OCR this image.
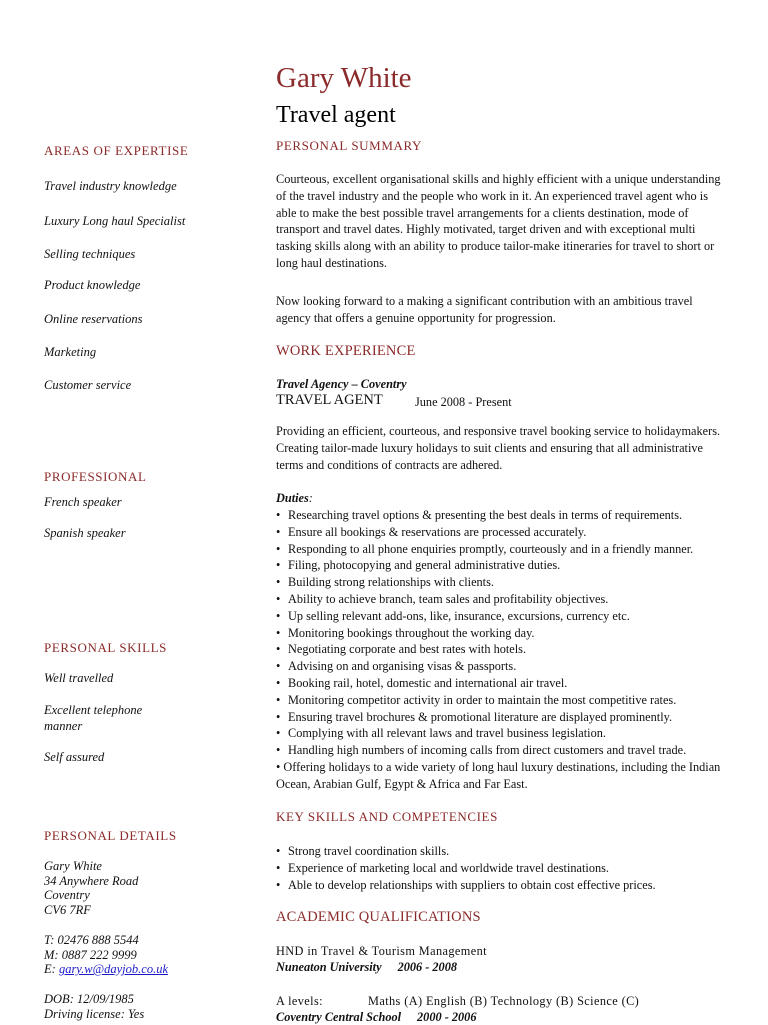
Gary White
Travel agent
AREAS OF EXPERTISE
Travel industry knowledge
Luxury Long haul Specialist
Selling techniques
Product knowledge
Online reservations
Marketing
Customer service
PROFESSIONAL
French speaker
Spanish speaker
PERSONAL SKILLS
Well travelled
Excellent telephone
manner
Self assured
PERSONAL DETAILS
Gary White
34 Anywhere Road
Coventry
CV6 7RF
T: 02476 888 5544
M: 0887 222 9999
E: gary.w@dayjob.co.uk
DOB: 12/09/1985
Driving license: Yes
PERSONAL SUMMARY
Courteous, excellent organisational skills and highly efficient with a unique understanding of the travel industry and the people who work in it. An experienced travel agent who is able to make the best possible travel arrangements for a clients destination, mode of transport and travel dates. Highly motivated, target driven and with exceptional multi tasking skills along with an ability to produce tailor-make itineraries for travel to short or long haul destinations.
Now looking forward to a making a significant contribution with an ambitious travel agency that offers a genuine opportunity for progression.
WORK EXPERIENCE
Travel Agency – Coventry
TRAVEL AGENT	June 2008 - Present
Providing an efficient, courteous, and responsive travel booking service to holidaymakers. Creating tailor-made luxury holidays to suit clients and ensuring that all administrative terms and conditions of contracts are adhered.
Duties:
• Researching travel options & presenting the best deals in terms of requirements.
• Ensure all bookings & reservations are processed accurately.
• Responding to all phone enquiries promptly, courteously and in a friendly manner.
• Filing, photocopying and general administrative duties.
• Building strong relationships with clients.
• Ability to achieve branch, team sales and profitability objectives.
• Up selling relevant add-ons, like, insurance, excursions, currency etc.
• Monitoring bookings throughout the working day.
• Negotiating corporate and best rates with hotels.
• Advising on and organising visas & passports.
• Booking rail, hotel, domestic and international air travel.
• Monitoring competitor activity in order to maintain the most competitive rates.
• Ensuring travel brochures & promotional literature are displayed prominently.
• Complying with all relevant laws and travel business legislation.
• Handling high numbers of incoming calls from direct customers and travel trade.
• Offering holidays to a wide variety of long haul luxury destinations, including the Indian Ocean, Arabian Gulf, Egypt & Africa and Far East.
KEY SKILLS AND COMPETENCIES
• Strong travel coordination skills.
• Experience of marketing local and worldwide travel destinations.
• Able to develop relationships with suppliers to obtain cost effective prices.
ACADEMIC QUALIFICATIONS
HND in Travel & Tourism Management
Nuneaton University 2006 - 2008
A levels:	Maths (A) English (B) Technology (B) Science (C)
Coventry Central School 2000 - 2006
